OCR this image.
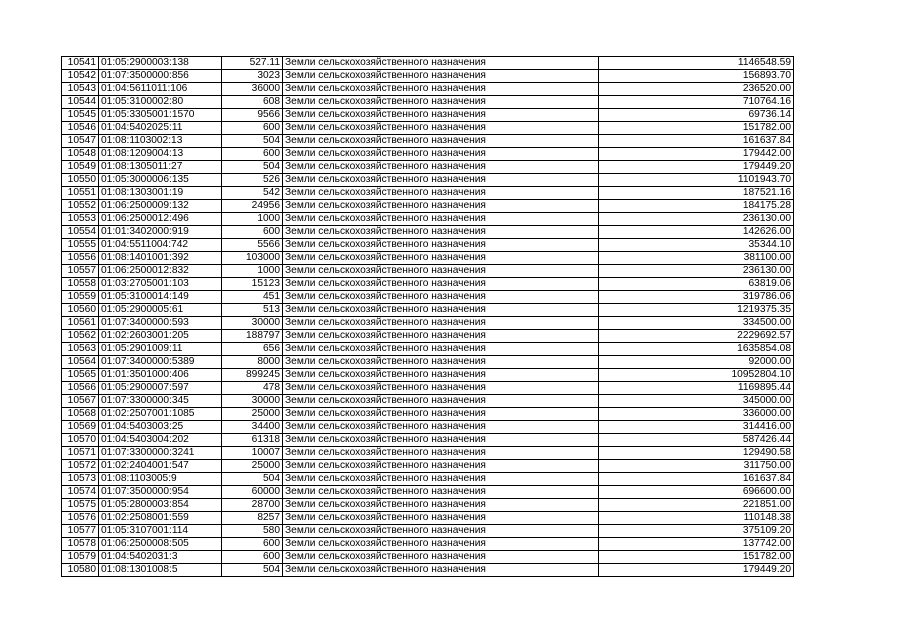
10541	01:05:2900003:138	527.11	Земли сельскохозяйственного назначения	1146548.59
10542	01:07:3500000:856	3023	Земли сельскохозяйственного назначения	156893.70
10543	01:04:5611011:106	36000	Земли сельскохозяйственного назначения	236520.00
10544	01:05:3100002:80	608	Земли сельскохозяйственного назначения	710764.16
10545	01:05:3305001:1570	9566	Земли сельскохозяйственного назначения	69736.14
10546	01:04:5402025:11	600	Земли сельскохозяйственного назначения	151782.00
10547	01:08:1103002:13	504	Земли сельскохозяйственного назначения	161637.84
10548	01:08:1209004:13	600	Земли сельскохозяйственного назначения	179442.00
10549	01:08:1305011:27	504	Земли сельскохозяйственного назначения	179449.20
10550	01:05:3000006:135	526	Земли сельскохозяйственного назначения	1101943.70
10551	01:08:1303001:19	542	Земли сельскохозяйственного назначения	187521.16
10552	01:06:2500009:132	24956	Земли сельскохозяйственного назначения	184175.28
10553	01:06:2500012:496	1000	Земли сельскохозяйственного назначения	236130.00
10554	01:01:3402000:919	600	Земли сельскохозяйственного назначения	142626.00
10555	01:04:5511004:742	5566	Земли сельскохозяйственного назначения	35344.10
10556	01:08:1401001:392	103000	Земли сельскохозяйственного назначения	381100.00
10557	01:06:2500012:832	1000	Земли сельскохозяйственного назначения	236130.00
10558	01:03:2705001:103	15123	Земли сельскохозяйственного назначения	63819.06
10559	01:05:3100014:149	451	Земли сельскохозяйственного назначения	319786.06
10560	01:05:2900005:61	513	Земли сельскохозяйственного назначения	1219375.35
10561	01:07:3400000:593	30000	Земли сельскохозяйственного назначения	334500.00
10562	01:02:2603001:205	188797	Земли сельскохозяйственного назначения	2229692.57
10563	01:05:2901009:11	656	Земли сельскохозяйственного назначения	1635854.08
10564	01:07:3400000:5389	8000	Земли сельскохозяйственного назначения	92000.00
10565	01:01:3501000:406	899245	Земли сельскохозяйственного назначения	10952804.10
10566	01:05:2900007:597	478	Земли сельскохозяйственного назначения	1169895.44
10567	01:07:3300000:345	30000	Земли сельскохозяйственного назначения	345000.00
10568	01:02:2507001:1085	25000	Земли сельскохозяйственного назначения	336000.00
10569	01:04:5403003:25	34400	Земли сельскохозяйственного назначения	314416.00
10570	01:04:5403004:202	61318	Земли сельскохозяйственного назначения	587426.44
10571	01:07:3300000:3241	10007	Земли сельскохозяйственного назначения	129490.58
10572	01:02:2404001:547	25000	Земли сельскохозяйственного назначения	311750.00
10573	01:08:1103005:9	504	Земли сельскохозяйственного назначения	161637.84
10574	01:07:3500000:954	60000	Земли сельскохозяйственного назначения	696600.00
10575	01:05:2800003:854	28700	Земли сельскохозяйственного назначения	221851.00
10576	01:02:2508001:559	8257	Земли сельскохозяйственного назначения	110148.38
10577	01:05:3107001:114	580	Земли сельскохозяйственного назначения	375109.20
10578	01:06:2500008:505	600	Земли сельскохозяйственного назначения	137742.00
10579	01:04:5402031:3	600	Земли сельскохозяйственного назначения	151782.00
10580	01:08:1301008:5	504	Земли сельскохозяйственного назначения	179449.20
